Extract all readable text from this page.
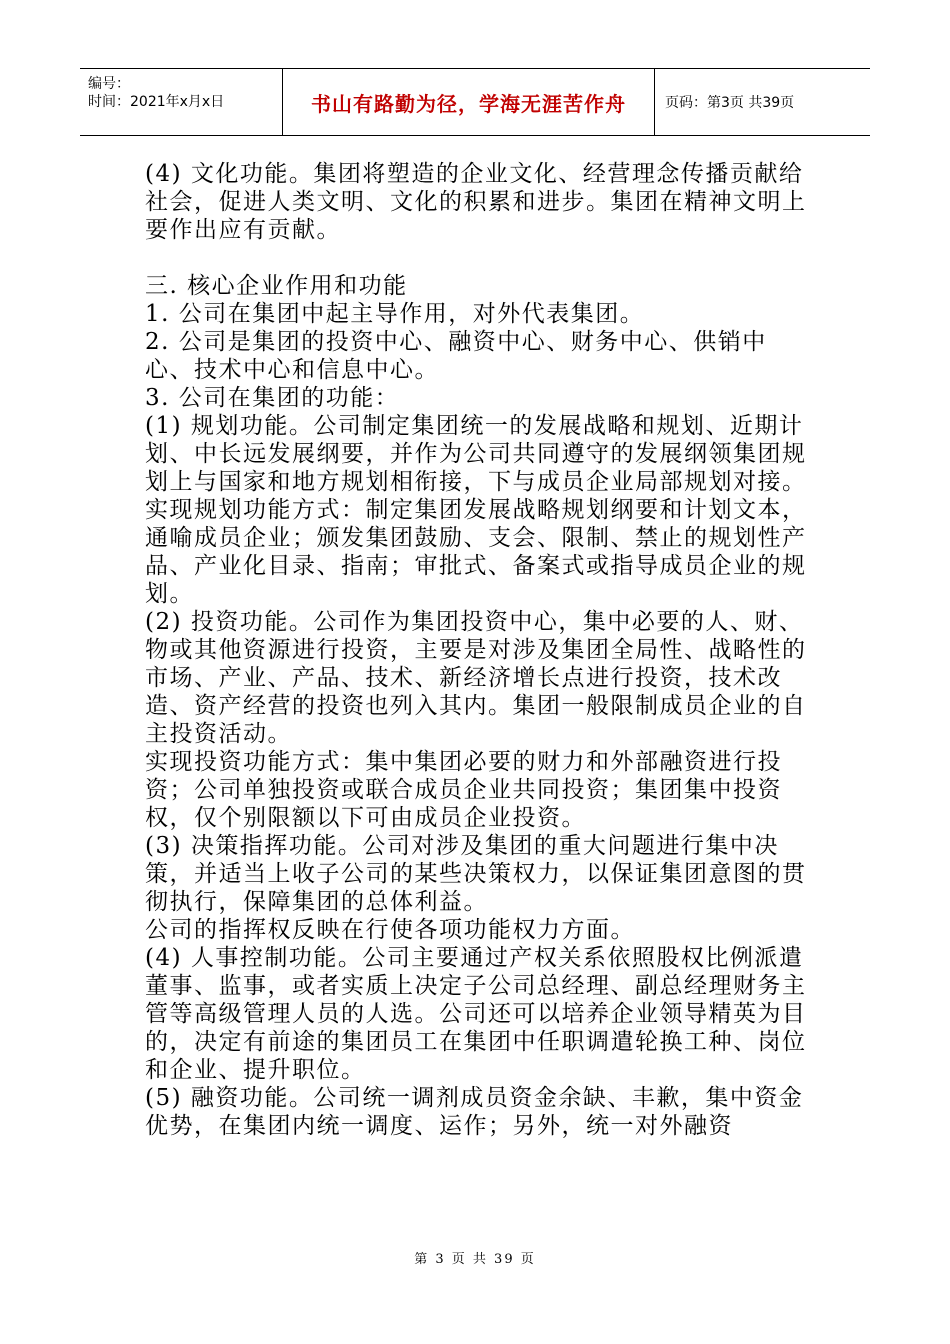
编号：
时间：2021年x月x日	书山有路勤为径，学海无涯苦作舟	页码：第3页 共39页

(4) 文化功能。集团将塑造的企业文化、经营理念传播贡献给社会，促进人类文明、文化的积累和进步。集团在精神文明上要作出应有贡献。

三. 核心企业作用和功能

1. 公司在集团中起主导作用，对外代表集团。

2. 公司是集团的投资中心、融资中心、财务中心、供销中心、技术中心和信息中心。

3. 公司在集团的功能：

(1) 规划功能。公司制定集团统一的发展战略和规划、近期计划、中长远发展纲要，并作为公司共同遵守的发展纲领集团规划上与国家和地方规划相衔接，下与成员企业局部规划对接。

实现规划功能方式：制定集团发展战略规划纲要和计划文本，通喻成员企业；颁发集团鼓励、支会、限制、禁止的规划性产品、产业化目录、指南；审批式、备案式或指导成员企业的规划。

(2) 投资功能。公司作为集团投资中心，集中必要的人、财、物或其他资源进行投资，主要是对涉及集团全局性、战略性的市场、产业、产品、技术、新经济增长点进行投资，技术改造、资产经营的投资也列入其内。集团一般限制成员企业的自主投资活动。

实现投资功能方式：集中集团必要的财力和外部融资进行投资；公司单独投资或联合成员企业共同投资；集团集中投资权，仅个别限额以下可由成员企业投资。

(3) 决策指挥功能。公司对涉及集团的重大问题进行集中决策，并适当上收子公司的某些决策权力，以保证集团意图的贯彻执行，保障集团的总体利益。

公司的指挥权反映在行使各项功能权力方面。

(4) 人事控制功能。公司主要通过产权关系依照股权比例派遣董事、监事，或者实质上决定子公司总经理、副总经理财务主管等高级管理人员的人选。公司还可以培养企业领导精英为目的，决定有前途的集团员工在集团中任职调遣轮换工种、岗位和企业、提升职位。

(5) 融资功能。公司统一调剂成员资金余缺、丰歉，集中资金优势，在集团内统一调度、运作；另外，统一对外融资

第 3 页 共 39 页
